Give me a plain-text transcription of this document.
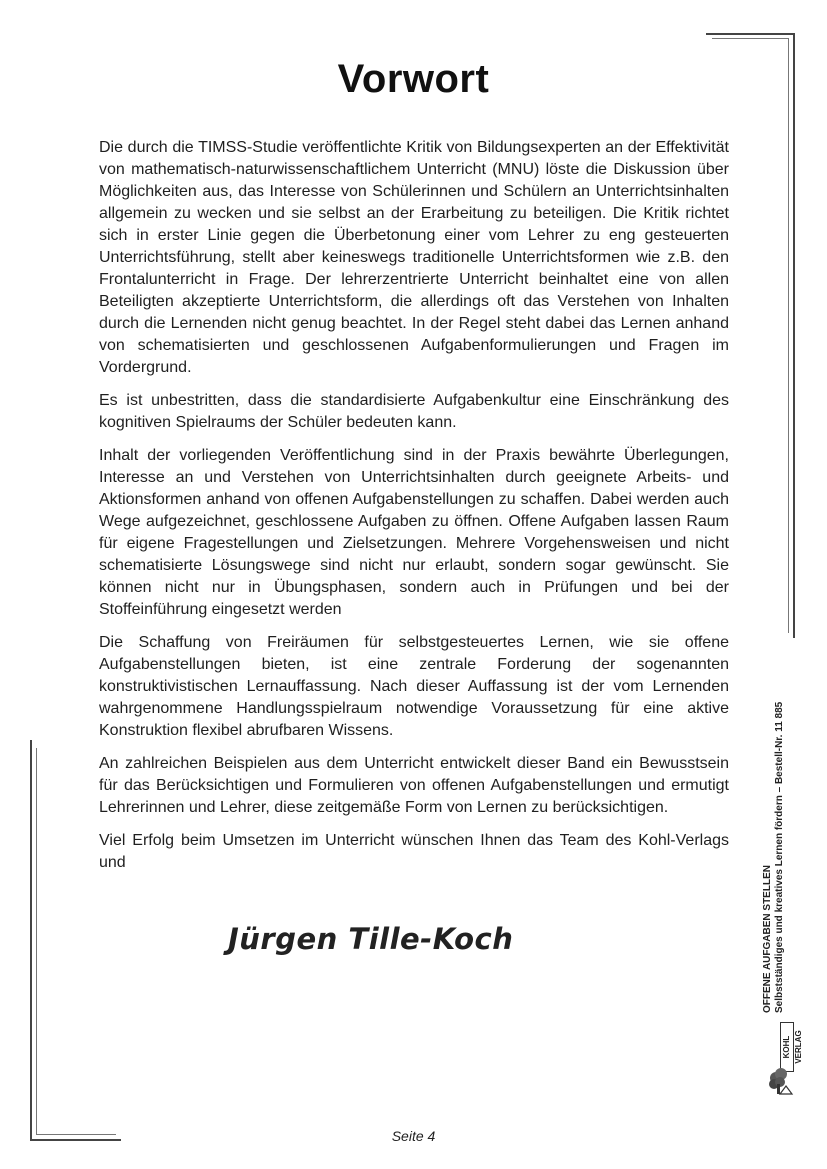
Vorwort

Die durch die TIMSS-Studie veröffentlichte Kritik von Bildungsexperten an der Effektivität von mathematisch-naturwissenschaftlichem Unterricht (MNU) löste die Diskussion über Möglichkeiten aus, das Interesse von Schülerinnen und Schülern an Unterrichtsinhalten allgemein zu wecken und sie selbst an der Erarbeitung zu beteiligen. Die Kritik richtet sich in erster Linie gegen die Überbetonung einer vom Lehrer zu eng gesteuerten Unterrichtsführung, stellt aber keineswegs traditionelle Unterrichtsformen wie z.B. den Frontalunterricht in Frage. Der lehrerzentrierte Unterricht beinhaltet eine von allen Beteiligten akzeptierte Unterrichtsform, die allerdings oft das Verstehen von Inhalten durch die Lernenden nicht genug beachtet. In der Regel steht dabei das Lernen anhand von schematisierten und geschlossenen Aufgabenformulierungen und Fragen im Vordergrund.

Es ist unbestritten, dass die standardisierte Aufgabenkultur eine Einschränkung des kognitiven Spielraums der Schüler bedeuten kann.

Inhalt der vorliegenden Veröffentlichung sind in der Praxis bewährte Überlegungen, Interesse an und Verstehen von Unterrichtsinhalten durch geeignete Arbeits- und Aktionsformen anhand von offenen Aufgabenstellungen zu schaffen. Dabei werden auch Wege aufgezeichnet, geschlossene Aufgaben zu öffnen. Offene Aufgaben lassen Raum für eigene Fragestellungen und Zielsetzungen. Mehrere Vorgehensweisen und nicht schematisierte Lösungswege sind nicht nur erlaubt, sondern sogar gewünscht. Sie können nicht nur in Übungsphasen, sondern auch in Prüfungen und bei der Stoffeinführung eingesetzt werden

Die Schaffung von Freiräumen für selbstgesteuertes Lernen, wie sie offene Aufgabenstellungen bieten, ist eine zentrale Forderung der sogenannten konstruktivistischen Lernauffassung. Nach dieser Auffassung ist der vom Lernenden wahrgenommene Handlungsspielraum notwendige Voraussetzung für eine aktive Konstruktion flexibel abrufbaren Wissens.

An zahlreichen Beispielen aus dem Unterricht entwickelt dieser Band ein Bewusstsein für das Berücksichtigen und Formulieren von offenen Aufgabenstellungen und ermutigt Lehrerinnen und Lehrer, diese zeitgemäße Form von Lernen zu berücksichtigen.

Viel Erfolg beim Umsetzen im Unterricht wünschen Ihnen das Team des Kohl-Verlags und

Jürgen Tille-Koch	OFFENE AUFGABEN STELLEN Selbstständiges und kreatives Lernen fördern – Bestell-Nr. 11 885
KOHL VERLAG
Seite 4
